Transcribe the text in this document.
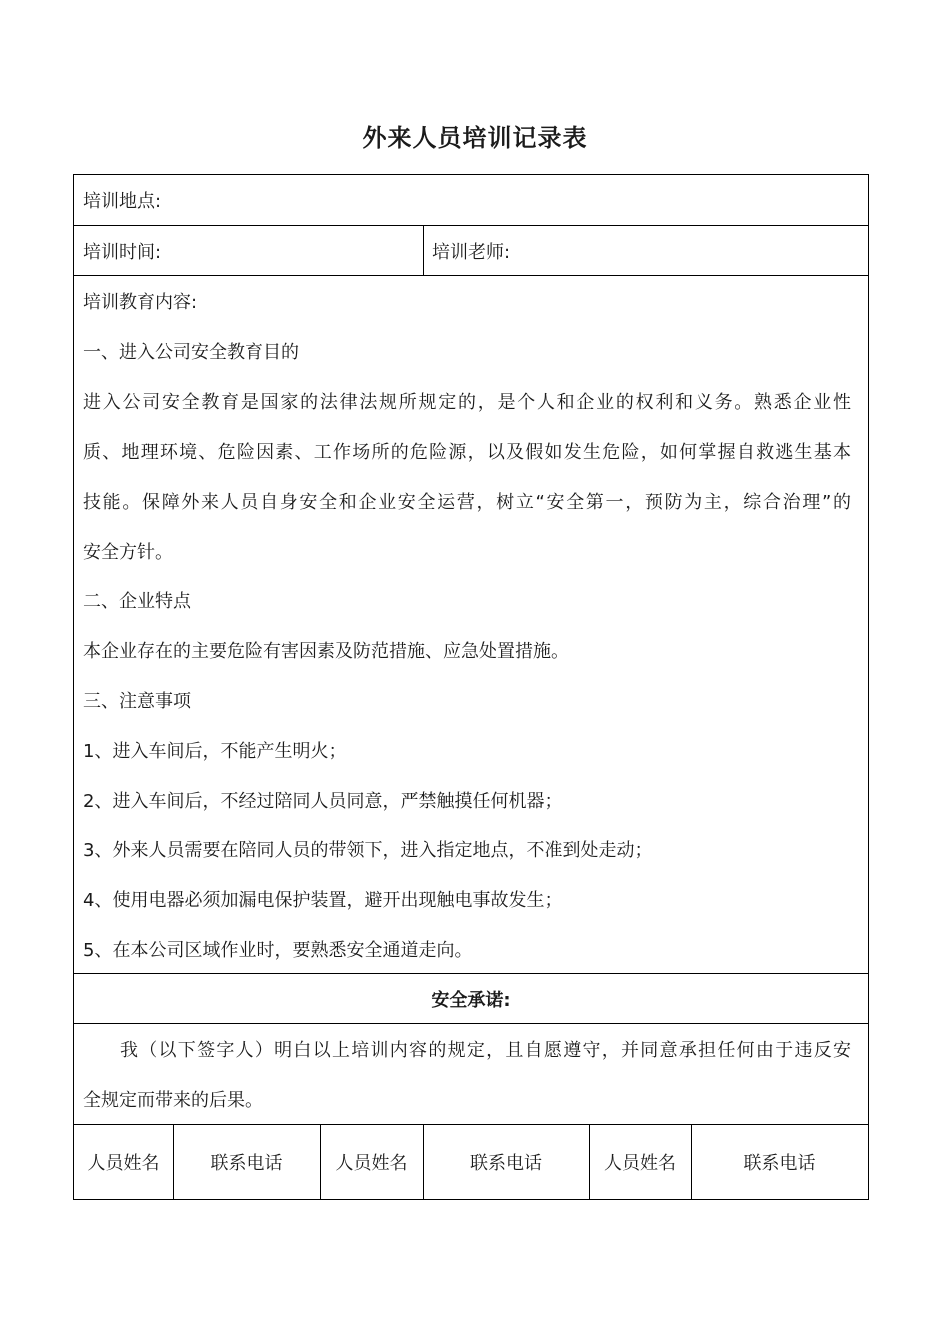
外来人员培训记录表
培训地点:
培训时间:	培训老师:
培训教育内容:
一、进入公司安全教育目的
进入公司安全教育是国家的法律法规所规定的，是个人和企业的权利和义务。熟悉企业性
质、地理环境、危险因素、工作场所的危险源，以及假如发生危险，如何掌握自救逃生基本
技能。保障外来人员自身安全和企业安全运营，树立“安全第一，预防为主，综合治理”的
安全方针。
二、企业特点
本企业存在的主要危险有害因素及防范措施、应急处置措施。
三、注意事项
1、进入车间后，不能产生明火；
2、进入车间后，不经过陪同人员同意，严禁触摸任何机器；
3、外来人员需要在陪同人员的带领下，进入指定地点，不准到处走动；
4、使用电器必须加漏电保护装置，避开出现触电事故发生；
5、在本公司区域作业时，要熟悉安全通道走向。
安全承诺:
我（以下签字人）明白以上培训内容的规定，且自愿遵守，并同意承担任何由于违反安
全规定而带来的后果。
人员姓名	联系电话	人员姓名	联系电话	人员姓名	联系电话
